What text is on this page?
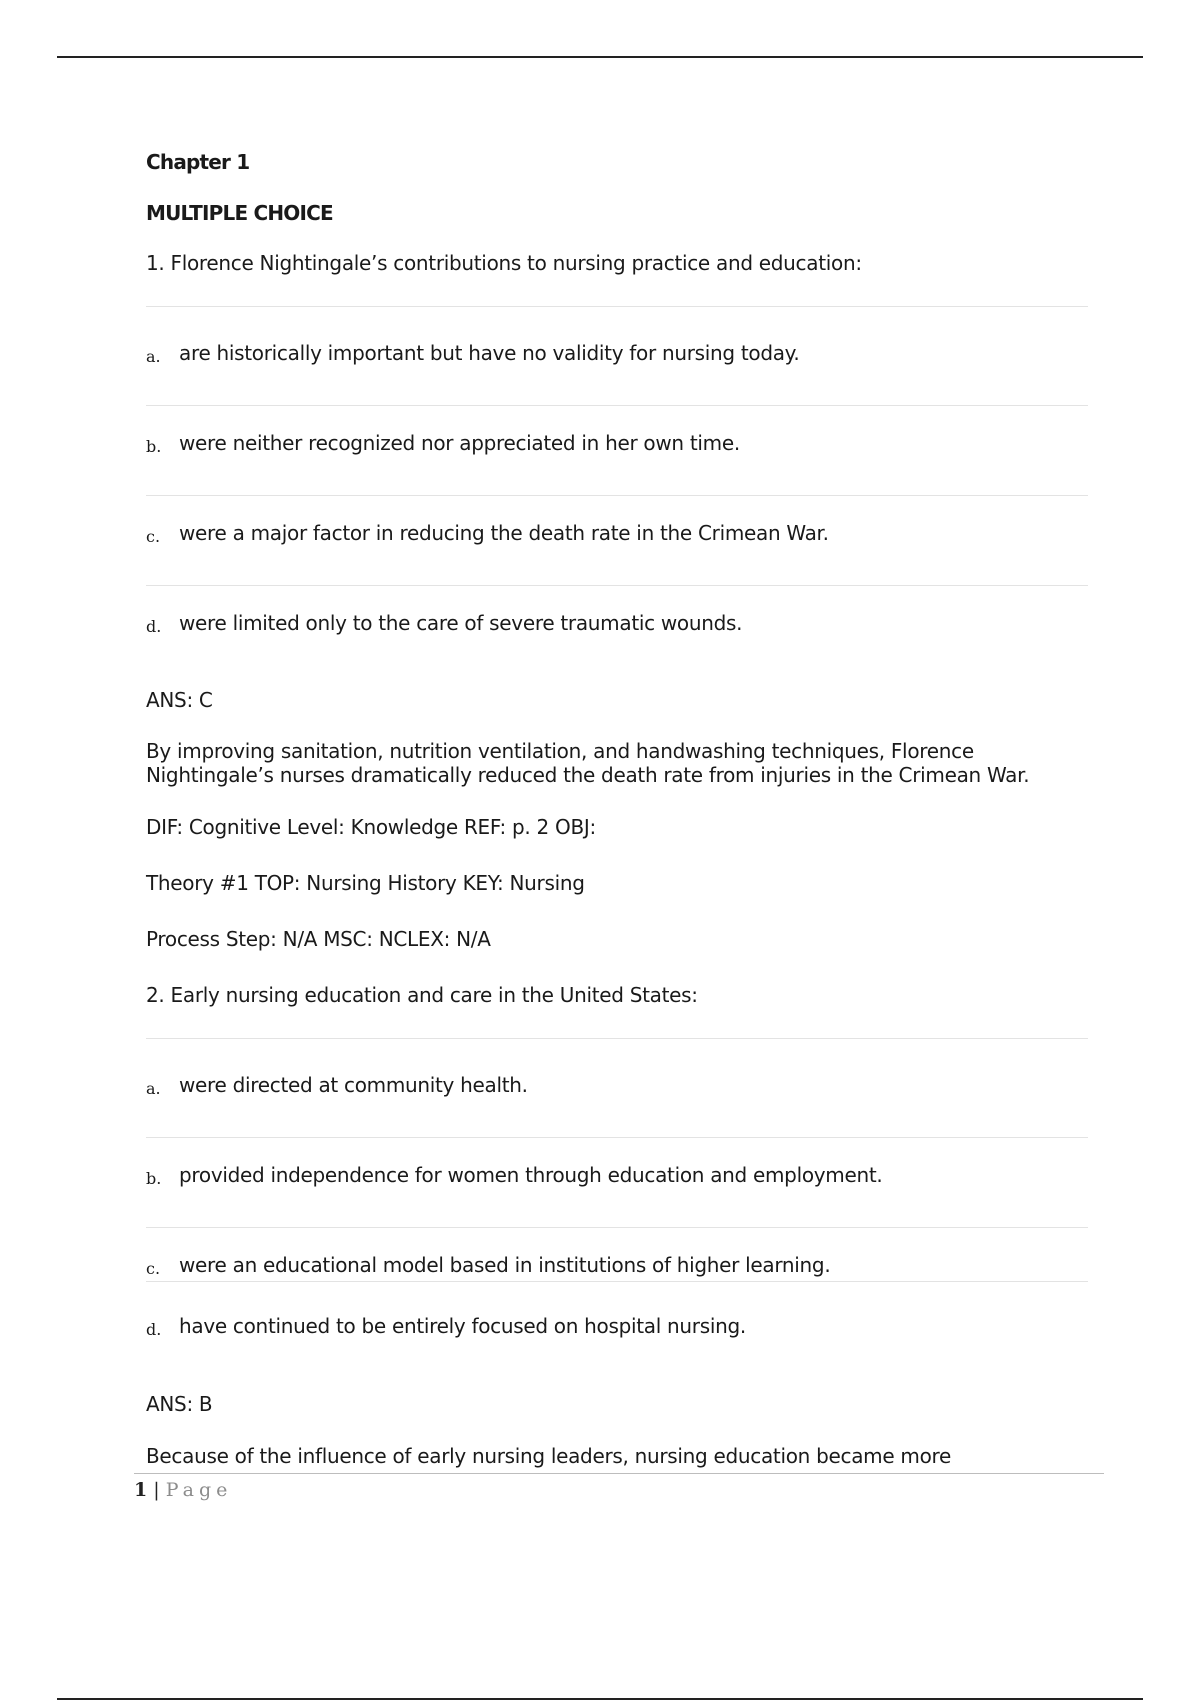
Chapter 1
MULTIPLE CHOICE
1. Florence Nightingale’s contributions to nursing practice and education:
a. are historically important but have no validity for nursing today.
b. were neither recognized nor appreciated in her own time.
c. were a major factor in reducing the death rate in the Crimean War.
d. were limited only to the care of severe traumatic wounds.
ANS: C
By improving sanitation, nutrition ventilation, and handwashing techniques, Florence Nightingale’s nurses dramatically reduced the death rate from injuries in the Crimean War.
DIF: Cognitive Level: Knowledge REF: p. 2 OBJ:
Theory #1 TOP: Nursing History KEY: Nursing
Process Step: N/A MSC: NCLEX: N/A
2. Early nursing education and care in the United States:
a. were directed at community health.
b. provided independence for women through education and employment.
c. were an educational model based in institutions of higher learning.
d. have continued to be entirely focused on hospital nursing.
ANS: B
Because of the influence of early nursing leaders, nursing education became more
1 | Page
